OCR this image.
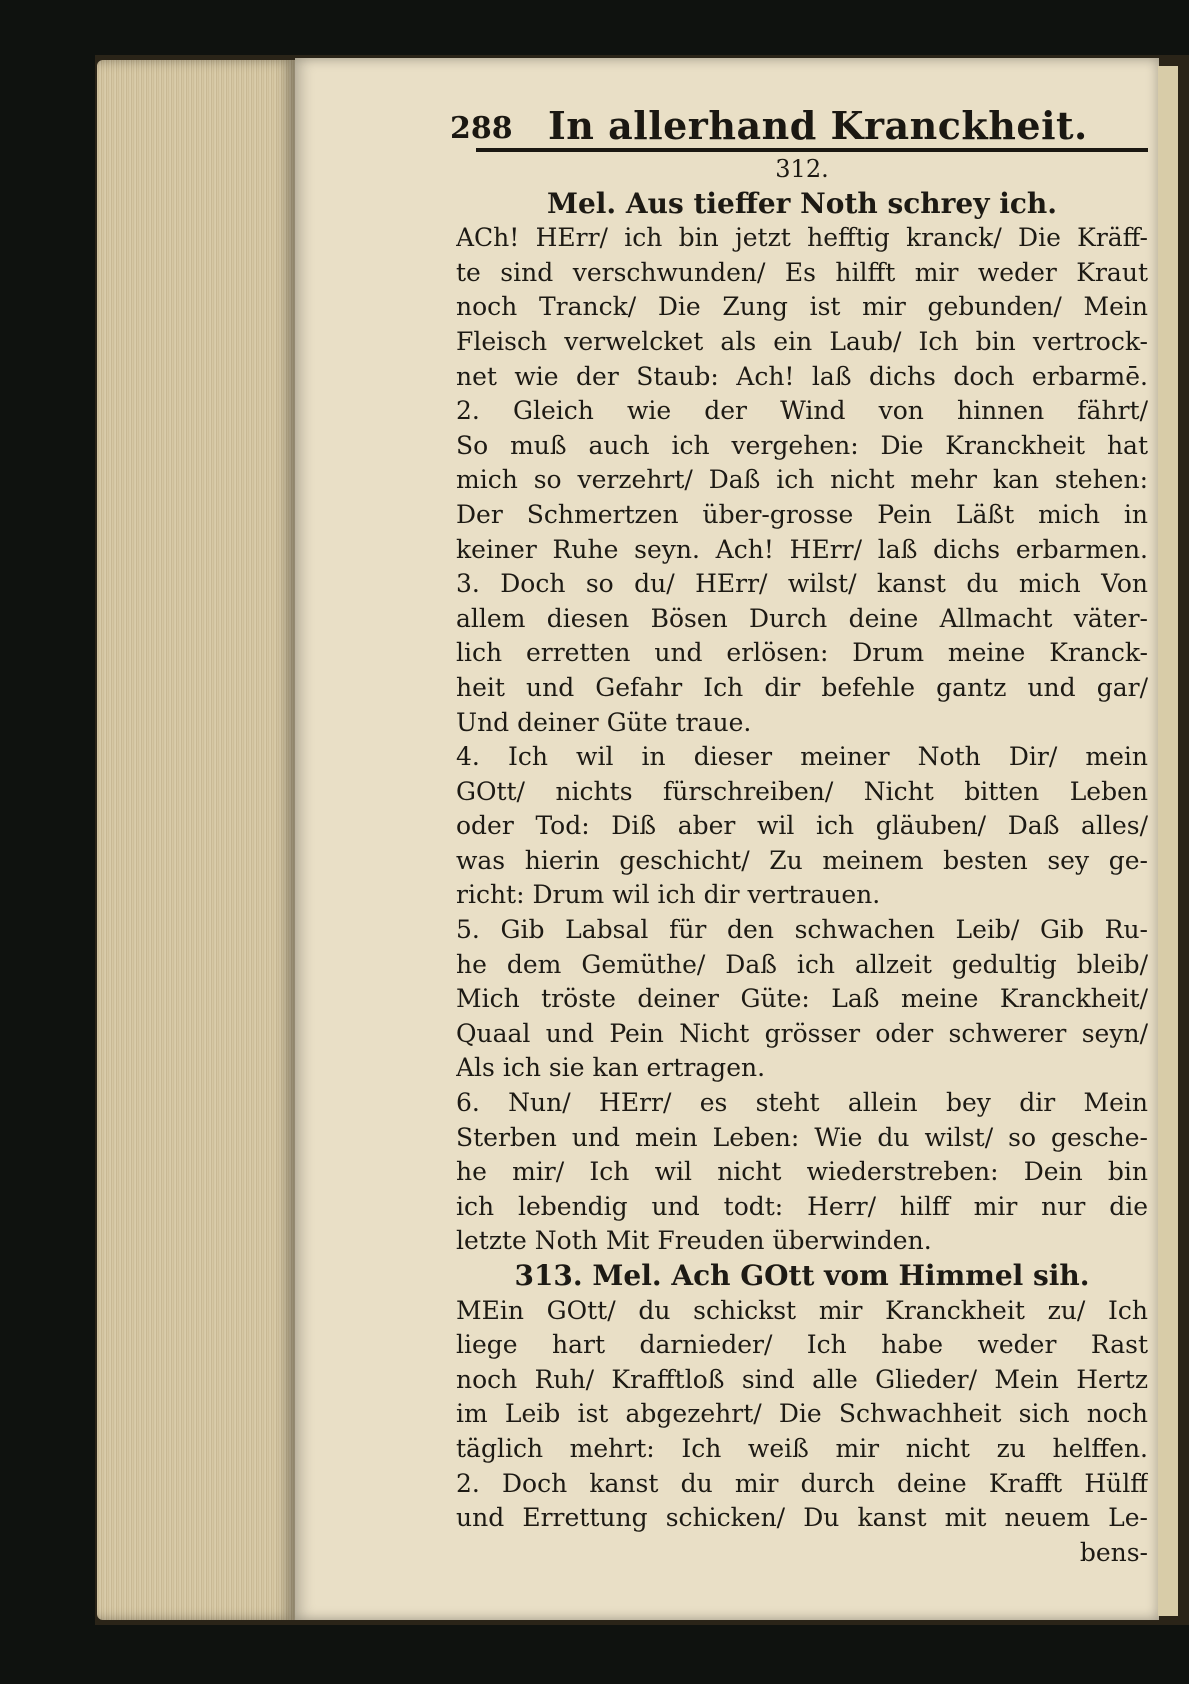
288 In allerhand Kranckheit.
312.
Mel. Aus tieffer Noth schrey ich.
ACh! HErr/ ich bin jetzt hefftig kranck/ Die Kräff-
te sind verschwunden/ Es hilfft mir weder Kraut
noch Tranck/ Die Zung ist mir gebunden/ Mein
Fleisch verwelcket als ein Laub/ Ich bin vertrock-
net wie der Staub: Ach! laß dichs doch erbarmē.
2. Gleich wie der Wind von hinnen fährt/
So muß auch ich vergehen: Die Kranckheit hat
mich so verzehrt/ Daß ich nicht mehr kan stehen:
Der Schmertzen über-grosse Pein Läßt mich in
keiner Ruhe seyn. Ach! HErr/ laß dichs erbarmen.
3. Doch so du/ HErr/ wilst/ kanst du mich Von
allem diesen Bösen Durch deine Allmacht väter-
lich erretten und erlösen: Drum meine Kranck-
heit und Gefahr Ich dir befehle gantz und gar/
Und deiner Güte traue.
4. Ich wil in dieser meiner Noth Dir/ mein
GOtt/ nichts fürschreiben/ Nicht bitten Leben
oder Tod: Diß aber wil ich gläuben/ Daß alles/
was hierin geschicht/ Zu meinem besten sey ge-
richt: Drum wil ich dir vertrauen.
5. Gib Labsal für den schwachen Leib/ Gib Ru-
he dem Gemüthe/ Daß ich allzeit gedultig bleib/
Mich tröste deiner Güte: Laß meine Kranckheit/
Quaal und Pein Nicht grösser oder schwerer seyn/
Als ich sie kan ertragen.
6. Nun/ HErr/ es steht allein bey dir Mein
Sterben und mein Leben: Wie du wilst/ so gesche-
he mir/ Ich wil nicht wiederstreben: Dein bin
ich lebendig und todt: Herr/ hilff mir nur die
letzte Noth Mit Freuden überwinden.
313. Mel. Ach GOtt vom Himmel sih.
MEin GOtt/ du schickst mir Kranckheit zu/ Ich
liege hart darnieder/ Ich habe weder Rast
noch Ruh/ Krafftloß sind alle Glieder/ Mein Hertz
im Leib ist abgezehrt/ Die Schwachheit sich noch
täglich mehrt: Ich weiß mir nicht zu helffen.
2. Doch kanst du mir durch deine Krafft Hülff
und Errettung schicken/ Du kanst mit neuem Le-
bens-
